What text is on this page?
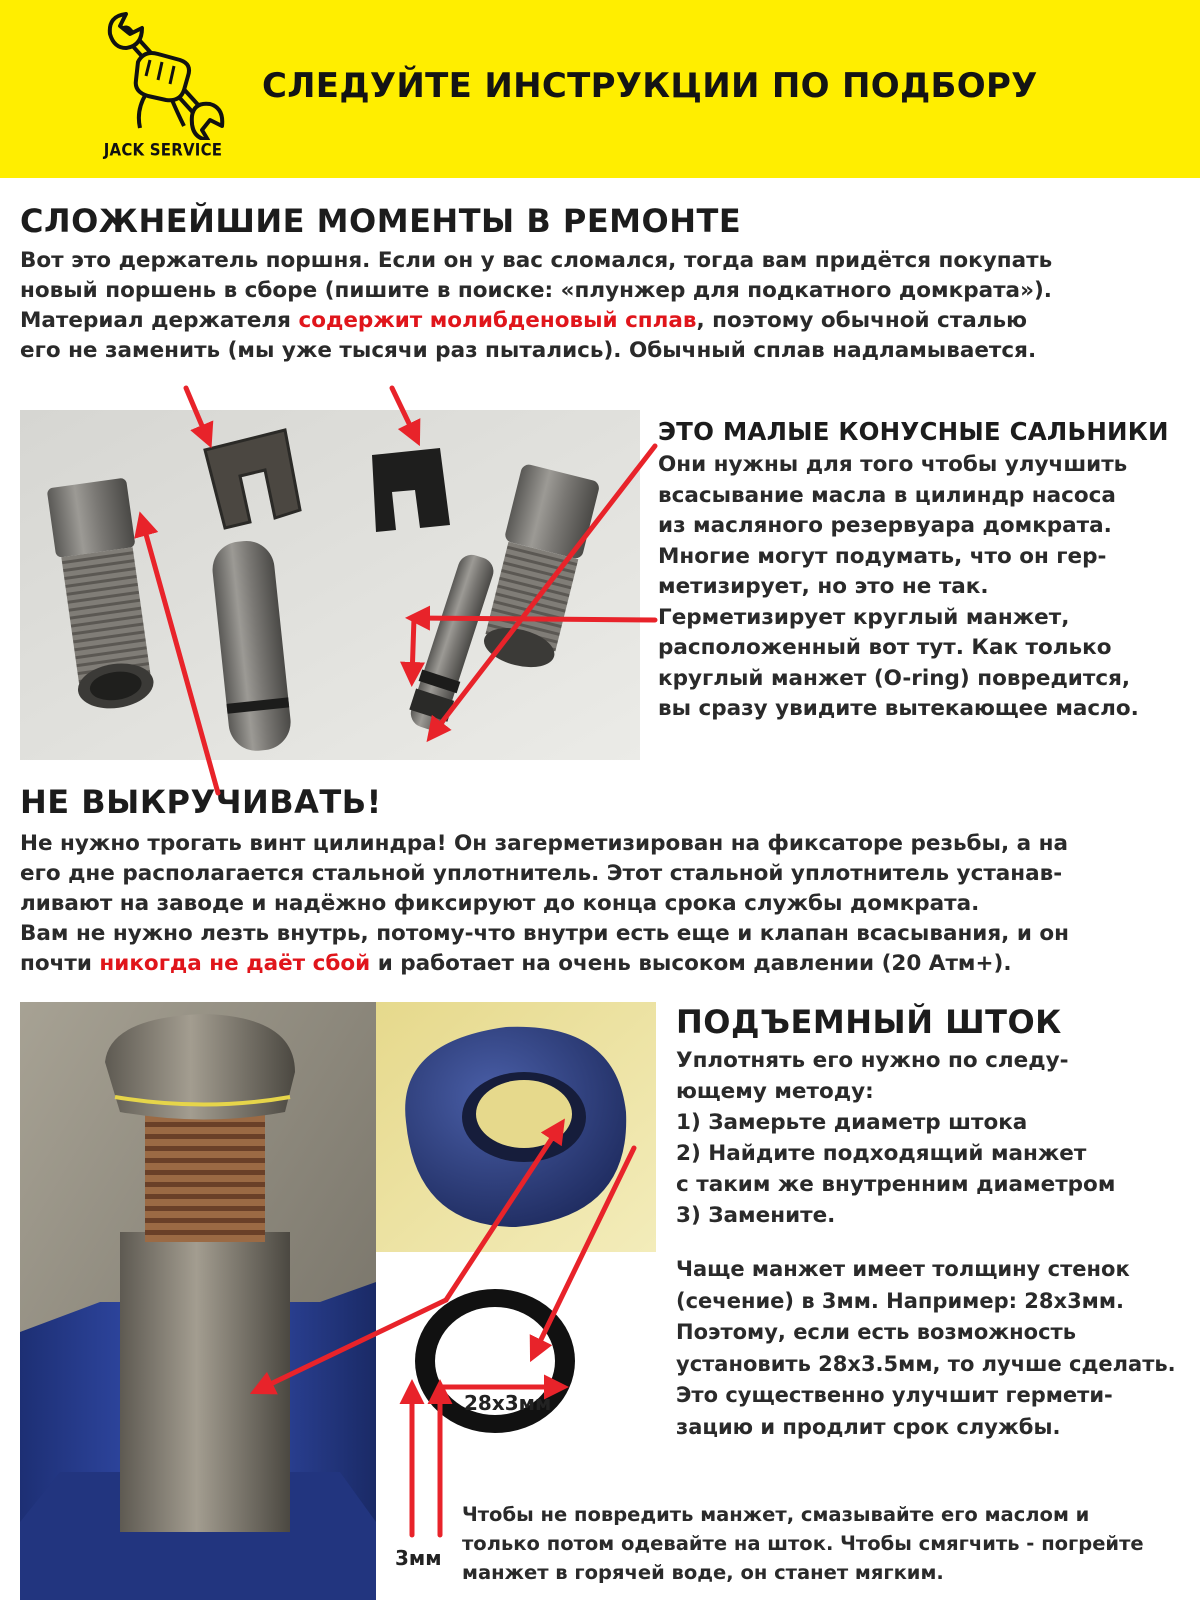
JACK SERVICE
СЛЕДУЙТЕ ИНСТРУКЦИИ ПО ПОДБОРУ
СЛОЖНЕЙШИЕ МОМЕНТЫ В РЕМОНТЕ
Вот это держатель поршня. Если он у вас сломался, тогда вам придётся покупать
новый поршень в сборе (пишите в поиске: «плунжер для подкатного домкрата»).
Материал держателя содержит молибденовый сплав, поэтому обычной сталью
его не заменить (мы уже тысячи раз пытались). Обычный сплав надламывается.
ЭТО МАЛЫЕ КОНУСНЫЕ САЛЬНИКИ
Они нужны для того чтобы улучшить
всасывание масла в цилиндр насоса
из масляного резервуара домкрата.
Многие могут подумать, что он гер-
метизирует, но это не так.
Герметизирует круглый манжет,
расположенный вот тут. Как только
круглый манжет (O-ring) повредится,
вы сразу увидите вытекающее масло.
НЕ ВЫКРУЧИВАТЬ!
Не нужно трогать винт цилиндра! Он загерметизирован на фиксаторе резьбы, а на
его дне располагается стальной уплотнитель. Этот стальной уплотнитель устанав-
ливают на заводе и надёжно фиксируют до конца срока службы домкрата.
Вам не нужно лезть внутрь, потому-что внутри есть еще и клапан всасывания, и он
почти никогда не даёт сбой и работает на очень высоком давлении (20 Атм+).
ПОДЪЕМНЫЙ ШТОК
Уплотнять его нужно по следу-
ющему методу:
1) Замерьте диаметр штока
2) Найдите подходящий манжет
с таким же внутренним диаметром
3) Замените.
Чаще манжет имеет толщину стенок
(сечение) в 3мм. Например: 28х3мм.
Поэтому, если есть возможность
установить 28х3.5мм, то лучше сделать.
Это существенно улучшит гермети-
зацию и продлит срок службы.
Чтобы не повредить манжет, смазывайте его маслом и
только потом одевайте на шток. Чтобы смягчить - погрейте
манжет в горячей воде, он станет мягким.
28х3мм
3мм
